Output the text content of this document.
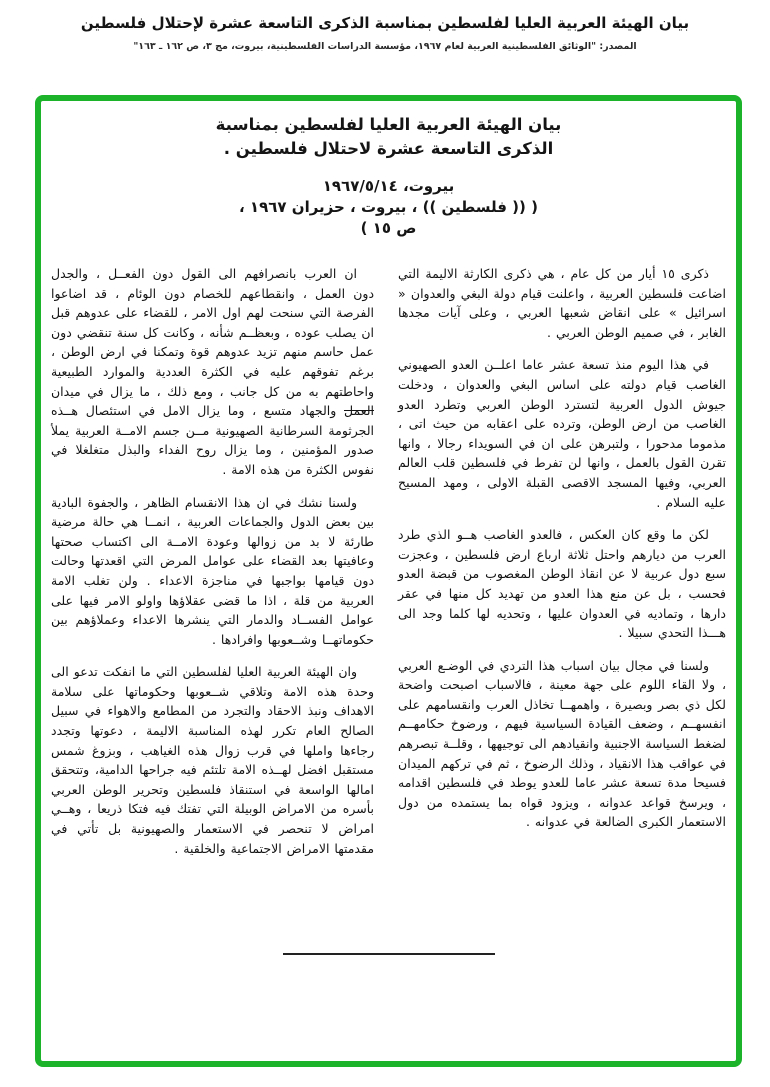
بيان الهيئة العربية العليا لفلسطين بمناسبة الذكرى التاسعة عشرة لإحتلال فلسطين
المصدر: "الوثائق الفلسطينية العربية لعام ١٩٦٧، مؤسسة الدراسات الفلسطينية، بيروت، مج ٣، ص ١٦٢ ـ ١٦٣"
بيان الهيئة العربية العليا لفلسطين بمناسبة
الذكرى التاسعة عشرة لاحتلال فلسطين .
بيروت، ١٩٦٧/٥/١٤
( (( فلسطين )) ، بيروت ، حزيران ١٩٦٧ ،
ص ١٥ )

ذكرى ١٥ أيار من كل عام ، هي ذكرى الكارثة الاليمة التي اضاعت فلسطين العربية ، واعلنت قيام دولة البغي والعدوان « اسرائيل » على انقاض شعبها العربي ، وعلى آيات مجدها الغابر ، في صميم الوطن العربي .

في هذا اليوم منذ تسعة عشر عاما اعلــن العدو الصهيوني الغاصب قيام دولته على اساس البغي والعدوان ، ودخلت جيوش الدول العربية لتسترد الوطن العربي وتطرد العدو الغاصب من ارض الوطن، وترده على اعقابه من حيث اتى ، مذموما مدحورا ، ولتبرهن على ان في السويداء رجالا ، وانها تقرن القول بالعمل ، وانها لن تفرط في فلسطين قلب العالم العربي، وفيها المسجد الاقصى القبلة الاولى ، ومهد المسيح عليه السلام .

لكن ما وقع كان العكس ، فالعدو الغاصب هــو الذي طرد العرب من ديارهم واحتل ثلاثة ارباع ارض فلسطين ، وعجزت سبع دول عربية لا عن انقاذ الوطن المغصوب من قبضة العدو فحسب ، بل عن منع هذا العدو من تهديد كل منها في عقر دارها ، وتماديه في العدوان عليها ، وتحديه لها كلما وجد الى هـــذا التحدي سبيلا .

ولسنا في مجال بيان اسباب هذا التردي في الوضـع العربي ، ولا القاء اللوم على جهة معينة ، فالاسباب اصبحت واضحة لكل ذي بصر وبصيرة ، واهمهــا تخاذل العرب وانقسامهم على انفسهــم ، وضعف القيادة السياسية فيهم ، ورضوخ حكامهــم لضغط السياسة الاجنبية وانقيادهم الى توجيهها ، وقلــة تبصرهم في عواقب هذا الانقياد ، وذلك الرضوخ ، ثم في تركهم الميدان فسيحا مدة تسعة عشر عاما للعدو يوطد في فلسطين اقدامه ، ويرسخ قواعد عدوانه ، ويزود قواه بما يستمده من دول الاستعمار الكبرى الضالعة في عدوانه .

ان العرب بانصرافهم الى القول دون الفعــل ، والجدل دون العمل ، وانقطاعهم للخصام دون الوئام ، قد اضاعوا الفرصة التي سنحت لهم اول الامر ، للقضاء على عدوهم قبل ان يصلب عوده ، وبعظــم شأنه ، وكانت كل سنة تنقضي دون عمل حاسم منهم تزيد عدوهم قوة وتمكنا في ارض الوطن ، برغم تفوقهم عليه في الكثرة العددية والموارد الطبيعية واحاطتهم به من كل جانب ، ومع ذلك ، ما يزال في ميدان العمل والجهاد متسع ، وما يزال الامل في استئصال هــذه الجرثومة السرطانية الصهيونية مــن جسم الامــة العربية يملأ صدور المؤمنين ، وما يزال روح الفداء والبذل متغلغلا في نفوس الكثرة من هذه الامة .

ولسنا نشك في ان هذا الانقسام الظاهر ، والجفوة البادية بين بعض الدول والجماعات العربية ، انمــا هي حالة مرضية طارئة لا بد من زوالها وعودة الامــة الى اكتساب صحتها وعافيتها بعد القضاء على عوامل المرض التي اقعدتها وحالت دون قيامها بواجبها في مناجزة الاعداء . ولن تغلب الامة العربية من قلة ، اذا ما قضى عقلاؤها واولو الامر فيها على عوامل الفســاد والدمار التي ينشرها الاعداء وعملاؤهم بين حكوماتهــا وشــعوبها وافرادها .

وان الهيئة العربية العليا لفلسطين التي ما انفكت تدعو الى وحدة هذه الامة وتلاقي شــعوبها وحكوماتها على سلامة الاهداف ونبذ الاحقاد والتجرد من المطامع والاهواء في سبيل الصالح العام تكرر لهذه المناسبة الاليمة ، دعوتها وتجدد رجاءها واملها في قرب زوال هذه الغياهب ، وبزوغ شمس مستقبل افضل لهــذه الامة تلتئم فيه جراحها الدامية، وتتحقق امالها الواسعة في استنقاذ فلسطين وتحرير الوطن العربي بأسره من الامراض الوبيلة التي تفتك فيه فتكا ذريعا ، وهــي امراض لا تنحصر في الاستعمار والصهيونية بل تأتي في مقدمتها الامراض الاجتماعية والخلقية .
